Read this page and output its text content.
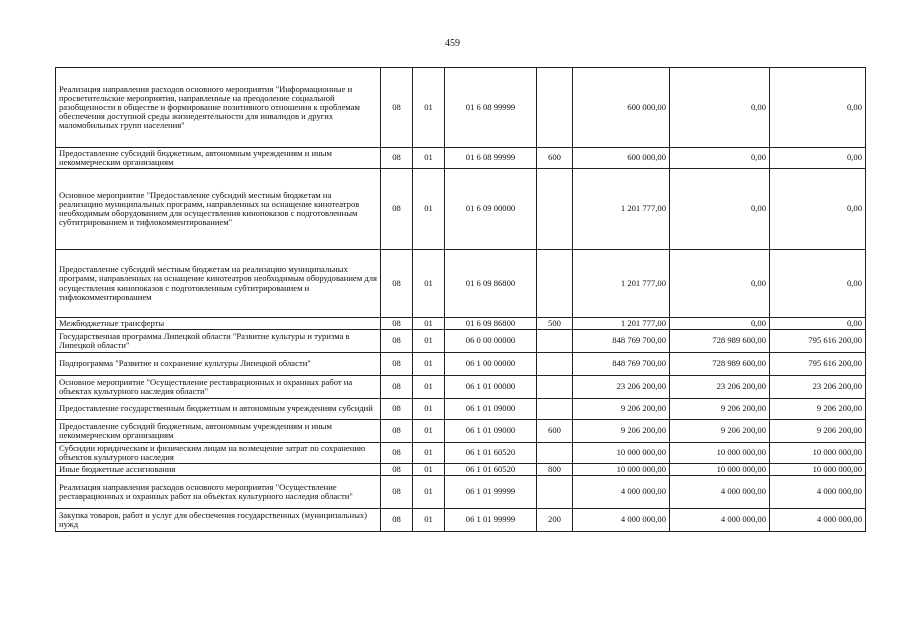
459
Реализация направления расходов основного мероприятия "Информационные и просветительские мероприятия, направленные на преодоление социальной разобщенности в обществе и формирование позитивного отношения к проблемам обеспечения доступной среды жизнедеятельности для инвалидов и других маломобильных групп населения"	08	01	01 6 08 99999		600 000,00	0,00	0,00
Предоставление субсидий бюджетным, автономным учреждениям и иным некоммерческим организациям	08	01	01 6 08 99999	600	600 000,00	0,00	0,00
Основное мероприятие "Предоставление субсидий местным бюджетам на реализацию муниципальных программ, направленных на оснащение кинотеатров необходимым оборудованием для осуществления кинопоказов с подготовленным субтитрированием и тифлокомментированием"	08	01	01 6 09 00000		1 201 777,00	0,00	0,00
Предоставление субсидий местным бюджетам на реализацию муниципальных программ, направленных на оснащение кинотеатров необходимым оборудованием для осуществления кинопоказов с подготовленным субтитрированием и тифлокомментированием	08	01	01 6 09 86800		1 201 777,00	0,00	0,00
Межбюджетные трансферты	08	01	01 6 09 86800	500	1 201 777,00	0,00	0,00
Государственная программа Липецкой области "Развитие культуры и туризма в Липецкой области"	08	01	06 0 00 00000		848 769 700,00	728 989 600,00	795 616 200,00
Подпрограмма "Развитие и сохранение культуры Липецкой области"	08	01	06 1 00 00000		848 769 700,00	728 989 600,00	795 616 200,00
Основное мероприятие "Осуществление реставрационных и охранных работ на объектах культурного наследия области"	08	01	06 1 01 00000		23 206 200,00	23 206 200,00	23 206 200,00
Предоставление государственным бюджетным и автономным учреждениям субсидий	08	01	06 1 01 09000		9 206 200,00	9 206 200,00	9 206 200,00
Предоставление субсидий бюджетным, автономным учреждениям и иным некоммерческим организациям	08	01	06 1 01 09000	600	9 206 200,00	9 206 200,00	9 206 200,00
Субсидии юридическим и физическим лицам на возмещение затрат по сохранению объектов культурного наследия	08	01	06 1 01 60520		10 000 000,00	10 000 000,00	10 000 000,00
Иные бюджетные ассигнования	08	01	06 1 01 60520	800	10 000 000,00	10 000 000,00	10 000 000,00
Реализация направления расходов основного мероприятия "Осуществление реставрационных и охранных работ на объектах культурного наследия области"	08	01	06 1 01 99999		4 000 000,00	4 000 000,00	4 000 000,00
Закупка товаров, работ и услуг для обеспечения государственных (муниципальных) нужд	08	01	06 1 01 99999	200	4 000 000,00	4 000 000,00	4 000 000,00
